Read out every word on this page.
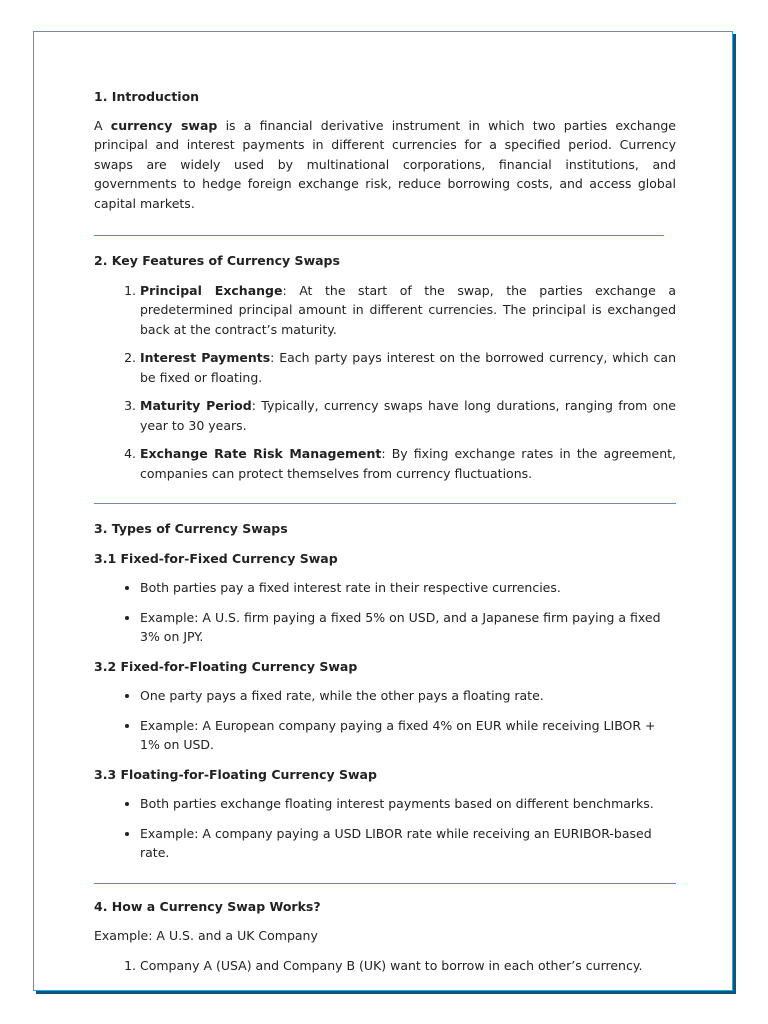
1. Introduction

A currency swap is a financial derivative instrument in which two parties exchange principal and interest payments in different currencies for a specified period. Currency swaps are widely used by multinational corporations, financial institutions, and governments to hedge foreign exchange risk, reduce borrowing costs, and access global capital markets.

2. Key Features of Currency Swaps
1. Principal Exchange: At the start of the swap, the parties exchange a predetermined principal amount in different currencies. The principal is exchanged back at the contract’s maturity.
2. Interest Payments: Each party pays interest on the borrowed currency, which can be fixed or floating.
3. Maturity Period: Typically, currency swaps have long durations, ranging from one year to 30 years.
4. Exchange Rate Risk Management: By fixing exchange rates in the agreement, companies can protect themselves from currency fluctuations.
3. Types of Currency Swaps
3.1 Fixed-for-Fixed Currency Swap
• Both parties pay a fixed interest rate in their respective currencies.
• Example: A U.S. firm paying a fixed 5% on USD, and a Japanese firm paying a fixed 3% on JPY.
3.2 Fixed-for-Floating Currency Swap
• One party pays a fixed rate, while the other pays a floating rate.
• Example: A European company paying a fixed 4% on EUR while receiving LIBOR + 1% on USD.
3.3 Floating-for-Floating Currency Swap
• Both parties exchange floating interest payments based on different benchmarks.
• Example: A company paying a USD LIBOR rate while receiving an EURIBOR-based rate.
4. How a Currency Swap Works?

Example: A U.S. and a UK Company

1. Company A (USA) and Company B (UK) want to borrow in each other’s currency.
